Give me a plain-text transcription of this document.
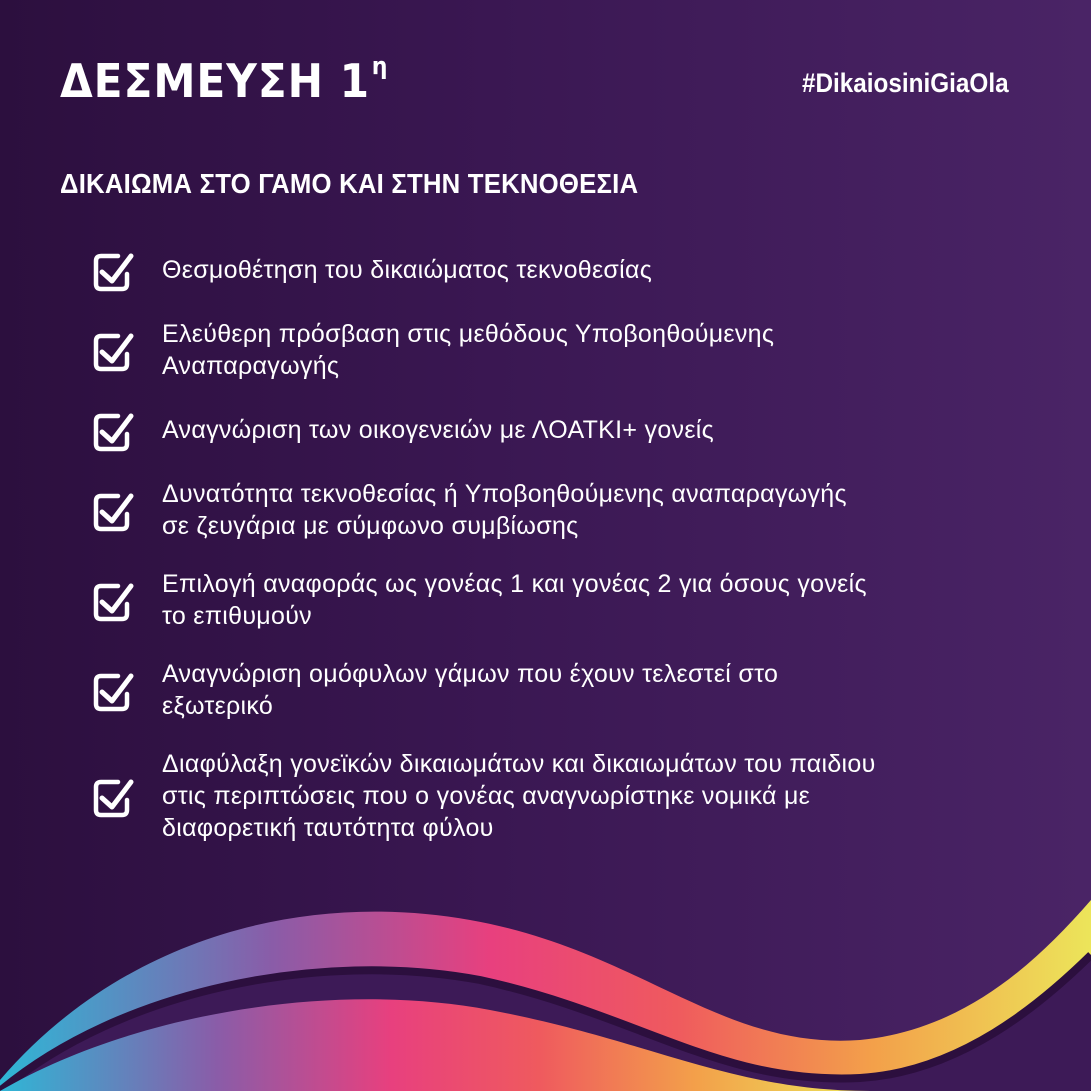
ΔΕΣΜΕΥΣΗ $1^\eta$
#DikaiosiniGiaOla
ΔΙΚΑΙΩΜΑ ΣΤΟ ΓΑΜΟ ΚΑΙ ΣΤΗΝ ΤΕΚΝΟΘΕΣΙΑ
Θεσμοθέτηση του δικαιώματος τεκνοθεσίας
Ελεύθερη πρόσβαση στις μεθόδους Υποβοηθούμενης
Αναπαραγωγής
Αναγνώριση των οικογενειών με ΛΟΑΤΚΙ+ γονείς
Δυνατότητα τεκνοθεσίας ή Υποβοηθούμενης αναπαραγωγής
σε ζευγάρια με σύμφωνο συμβίωσης
Επιλογή αναφοράς ως γονέας 1 και γονέας 2 για όσους γονείς
το επιθυμούν
Αναγνώριση ομόφυλων γάμων που έχουν τελεστεί στο
εξωτερικό
Διαφύλαξη γονεϊκών δικαιωμάτων και δικαιωμάτων του παιδιου
στις περιπτώσεις που ο γονέας αναγνωρίστηκε νομικά με
διαφορετική ταυτότητα φύλου
